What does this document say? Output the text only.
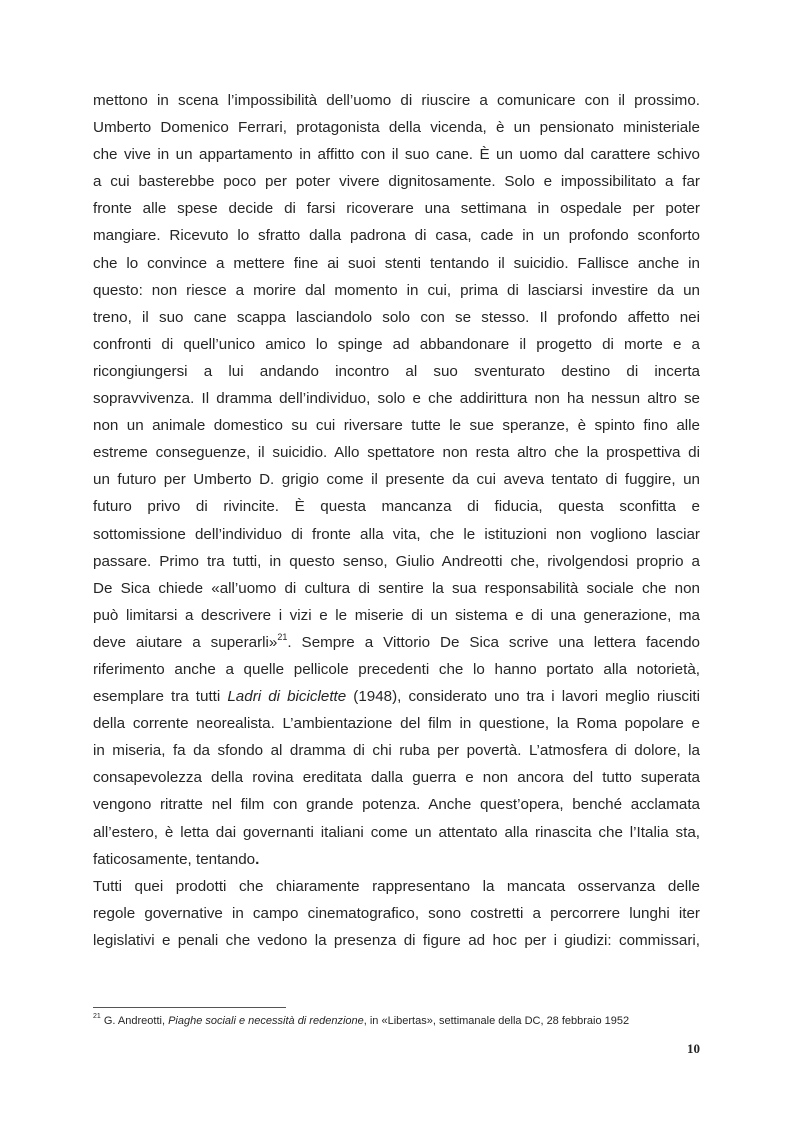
mettono in scena l’impossibilità dell’uomo di riuscire a comunicare con il prossimo.
Umberto Domenico Ferrari, protagonista della vicenda, è un pensionato ministeriale
che vive in un appartamento in affitto con il suo cane. È un uomo dal carattere schivo
a cui basterebbe poco per poter vivere dignitosamente. Solo e impossibilitato a far
fronte alle spese decide di farsi ricoverare una settimana in ospedale per poter
mangiare. Ricevuto lo sfratto dalla padrona di casa, cade in un profondo sconforto
che lo convince a mettere fine ai suoi stenti tentando il suicidio. Fallisce anche in
questo: non riesce a morire dal momento in cui, prima di lasciarsi investire da un
treno, il suo cane scappa lasciandolo solo con se stesso. Il profondo affetto nei
confronti di quell’unico amico lo spinge ad abbandonare il progetto di morte e a
ricongiungersi a lui andando incontro al suo sventurato destino di incerta
sopravvivenza. Il dramma dell’individuo, solo e che addirittura non ha nessun altro se
non un animale domestico su cui riversare tutte le sue speranze, è spinto fino alle
estreme conseguenze, il suicidio. Allo spettatore non resta altro che la prospettiva di
un futuro per Umberto D. grigio come il presente da cui aveva tentato di fuggire, un
futuro privo di rivincite. È questa mancanza di fiducia, questa sconfitta e
sottomissione dell’individuo di fronte alla vita, che le istituzioni non vogliono lasciar
passare. Primo tra tutti, in questo senso, Giulio Andreotti che, rivolgendosi proprio a
De Sica chiede «all’uomo di cultura di sentire la sua responsabilità sociale che non
può limitarsi a descrivere i vizi e le miserie di un sistema e di una generazione, ma
deve aiutare a superarli»$^{21}$. Sempre a Vittorio De Sica scrive una lettera facendo
riferimento anche a quelle pellicole precedenti che lo hanno portato alla notorietà,
esemplare tra tutti Ladri di biciclette (1948), considerato uno tra i lavori meglio riusciti
della corrente neorealista. L’ambientazione del film in questione, la Roma popolare e
in miseria, fa da sfondo al dramma di chi ruba per povertà. L’atmosfera di dolore, la
consapevolezza della rovina ereditata dalla guerra e non ancora del tutto superata
vengono ritratte nel film con grande potenza. Anche quest’opera, benché acclamata
all’estero, è letta dai governanti italiani come un attentato alla rinascita che l’Italia sta,
faticosamente, tentando.
Tutti quei prodotti che chiaramente rappresentano la mancata osservanza delle
regole governative in campo cinematografico, sono costretti a percorrere lunghi iter
legislativi e penali che vedono la presenza di figure ad hoc per i giudizi: commissari,
$^{21}$ G. Andreotti, Piaghe sociali e necessità di redenzione, in «Libertas», settimanale della DC, 28 febbraio 1952
10
